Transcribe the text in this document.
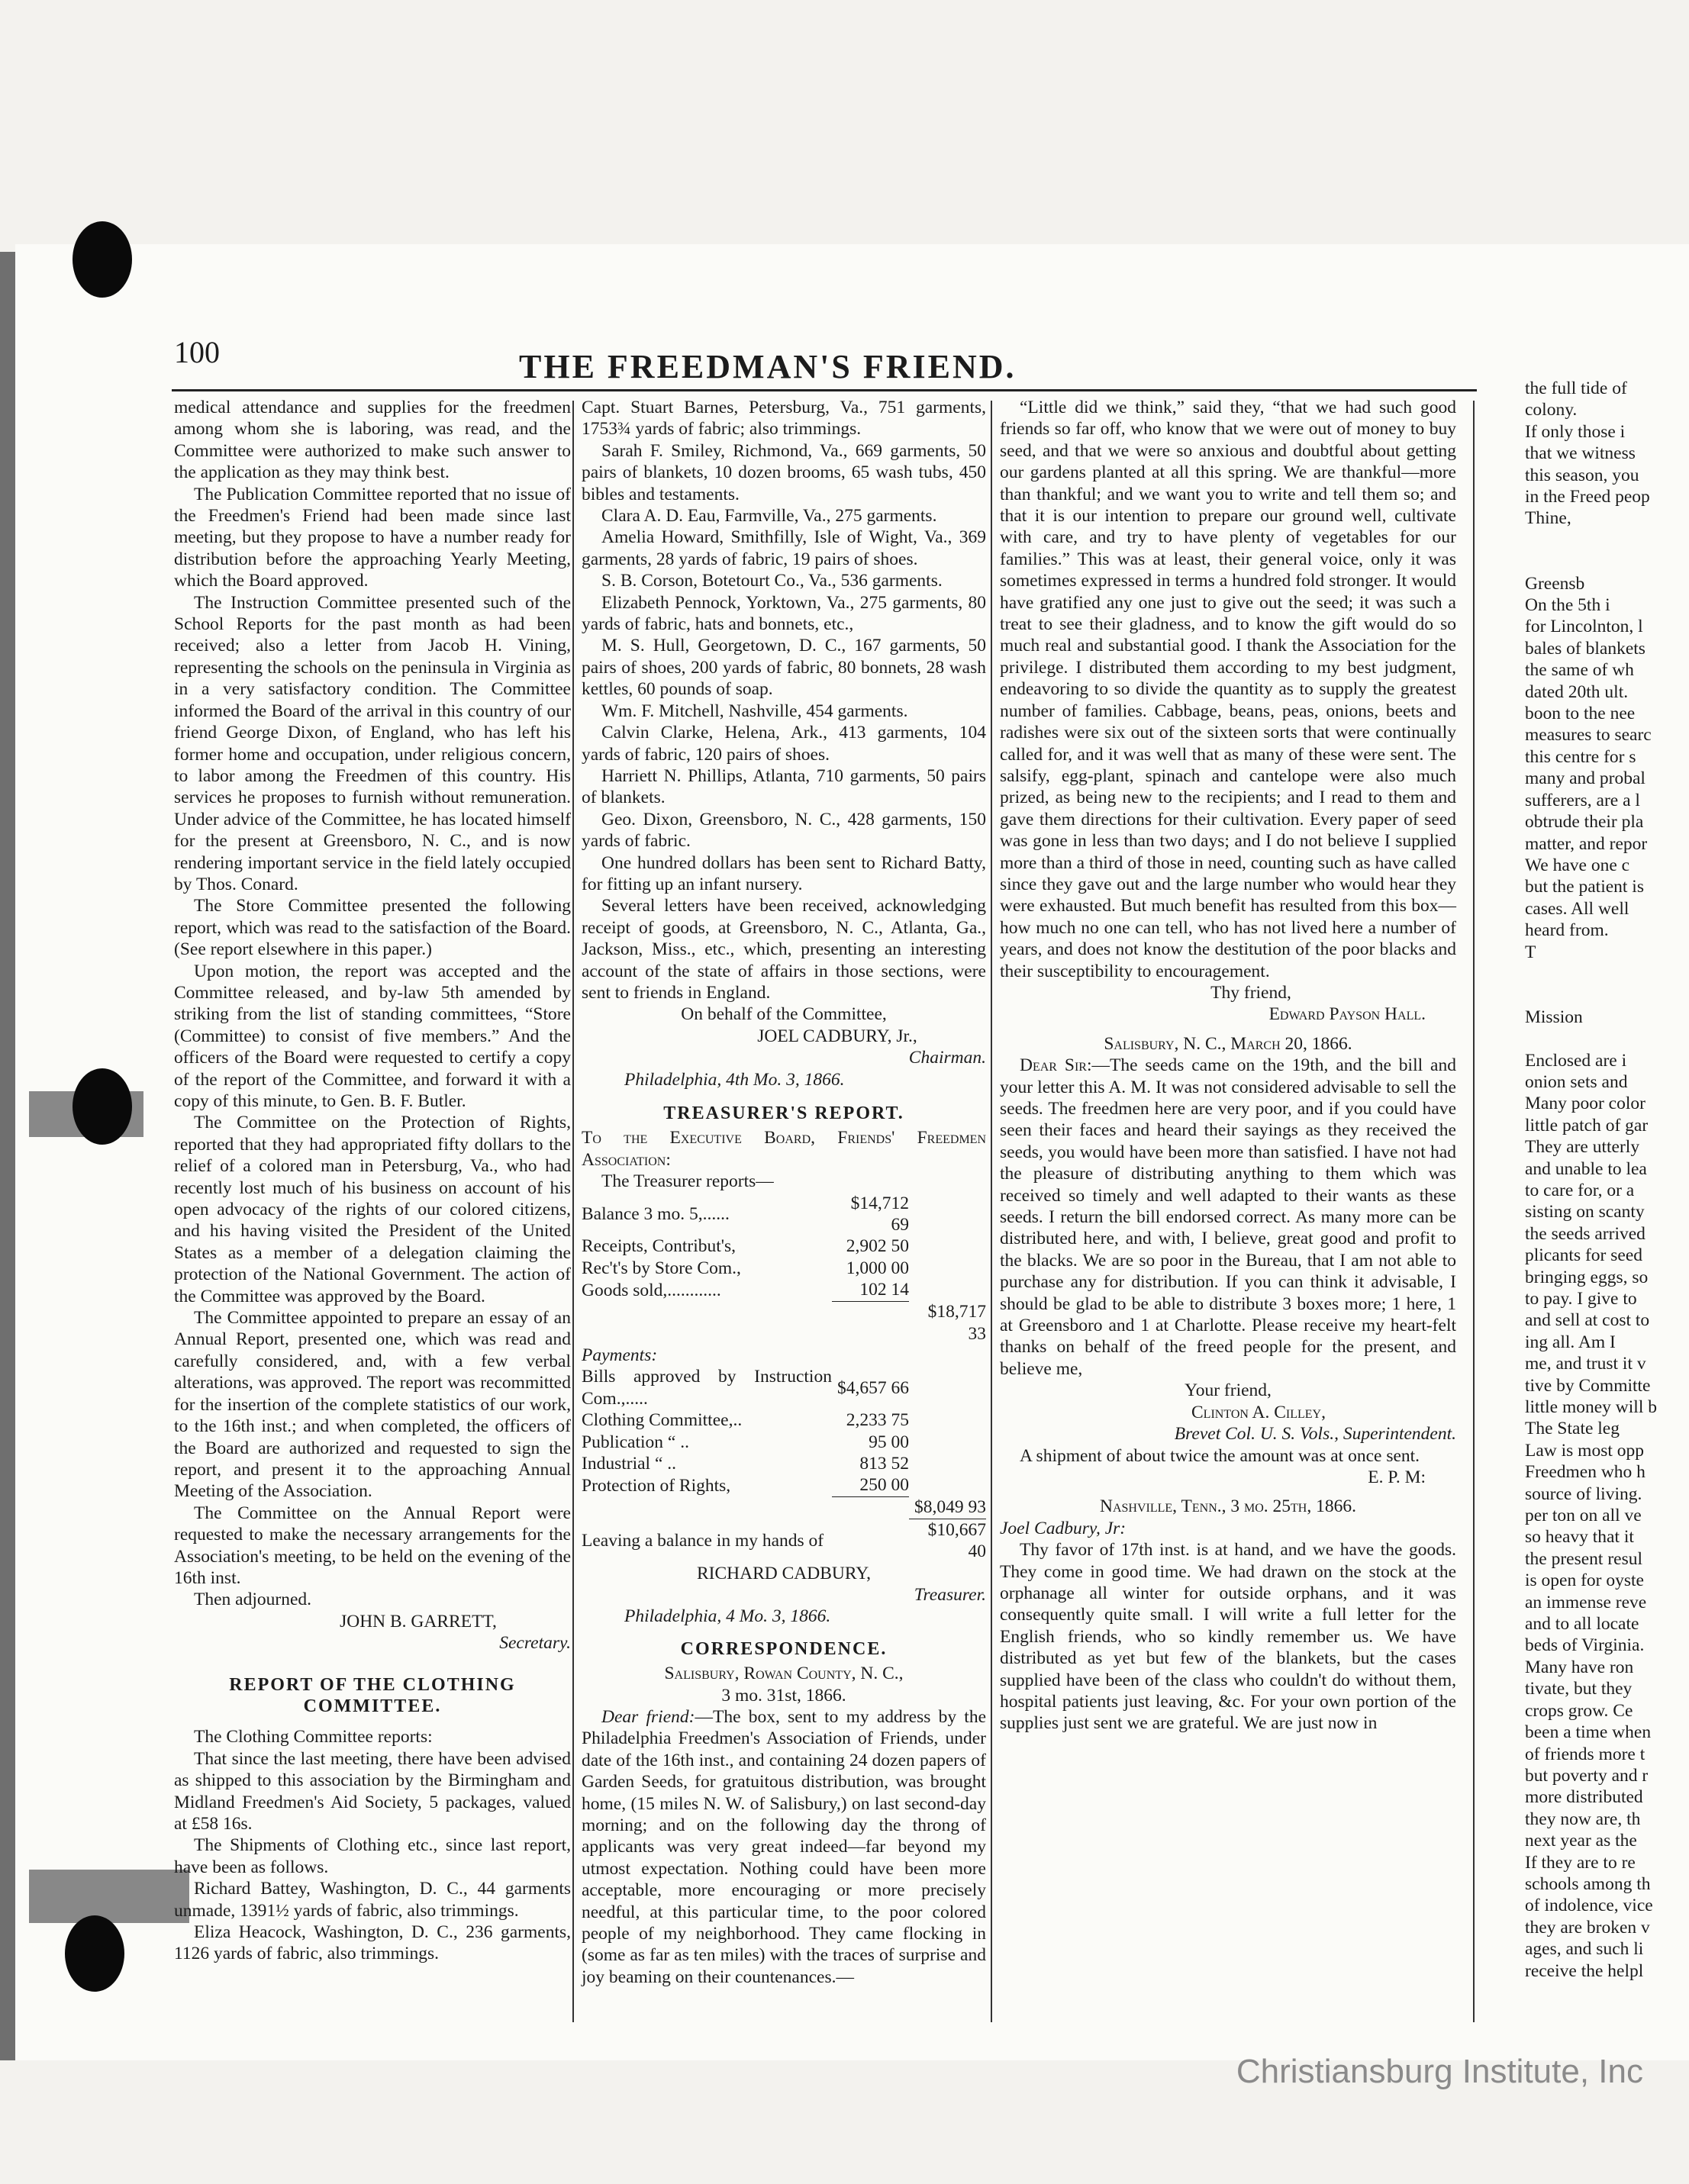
100	THE FREEDMAN'S FRIEND.

medical attendance and supplies for the freedmen among whom she is laboring, was read, and the Committee were authorized to make such answer to the application as they may think best.

The Publication Committee reported that no issue of the Freedmen's Friend had been made since last meeting, but they propose to have a number ready for distribution before the approaching Yearly Meeting, which the Board approved.

The Instruction Committee presented such of the School Reports for the past month as had been received; also a letter from Jacob H. Vining, representing the schools on the peninsula in Virginia as in a very satisfactory condition. The Committee informed the Board of the arrival in this country of our friend George Dixon, of England, who has left his former home and occupation, under religious concern, to labor among the Freedmen of this country. His services he proposes to furnish without remuneration. Under advice of the Committee, he has located himself for the present at Greensboro, N. C., and is now rendering important service in the field lately occupied by Thos. Conard.

The Store Committee presented the following report, which was read to the satisfaction of the Board. (See report elsewhere in this paper.)

Upon motion, the report was accepted and the Committee released, and by-law 5th amended by striking from the list of standing committees, “Store (Committee) to consist of five members.” And the officers of the Board were requested to certify a copy of the report of the Committee, and forward it with a copy of this minute, to Gen. B. F. Butler.

The Committee on the Protection of Rights, reported that they had appropriated fifty dollars to the relief of a colored man in Petersburg, Va., who had recently lost much of his business on account of his open advocacy of the rights of our colored citizens, and his having visited the President of the United States as a member of a delegation claiming the protection of the National Government. The action of the Committee was approved by the Board.

The Committee appointed to prepare an essay of an Annual Report, presented one, which was read and carefully considered, and, with a few verbal alterations, was approved. The report was recommitted for the insertion of the complete statistics of our work, to the 16th inst.; and when completed, the officers of the Board are authorized and requested to sign the report, and present it to the approaching Annual Meeting of the Association.

The Committee on the Annual Report were requested to make the necessary arrangements for the Association's meeting, to be held on the evening of the 16th inst.

Then adjourned.

JOHN B. GARRETT,

Secretary.

REPORT OF THE CLOTHING COMMITTEE.

The Clothing Committee reports:

That since the last meeting, there have been advised as shipped to this association by the Birmingham and Midland Freedmen's Aid Society, 5 packages, valued at £58 16s.

The Shipments of Clothing etc., since last report, have been as follows.

Richard Battey, Washington, D. C., 44 garments unmade, 1391½ yards of fabric, also trimmings.

Eliza Heacock, Washington, D. C., 236 garments, 1126 yards of fabric, also trimmings.

Capt. Stuart Barnes, Petersburg, Va., 751 garments, 1753¾ yards of fabric; also trimmings.

Sarah F. Smiley, Richmond, Va., 669 garments, 50 pairs of blankets, 10 dozen brooms, 65 wash tubs, 450 bibles and testaments.

Clara A. D. Eau, Farmville, Va., 275 garments.

Amelia Howard, Smithfilly, Isle of Wight, Va., 369 garments, 28 yards of fabric, 19 pairs of shoes.

S. B. Corson, Botetourt Co., Va., 536 garments.

Elizabeth Pennock, Yorktown, Va., 275 garments, 80 yards of fabric, hats and bonnets, etc.,

M. S. Hull, Georgetown, D. C., 167 garments, 50 pairs of shoes, 200 yards of fabric, 80 bonnets, 28 wash kettles, 60 pounds of soap.

Wm. F. Mitchell, Nashville, 454 garments.

Calvin Clarke, Helena, Ark., 413 garments, 104 yards of fabric, 120 pairs of shoes.

Harriett N. Phillips, Atlanta, 710 garments, 50 pairs of blankets.

Geo. Dixon, Greensboro, N. C., 428 garments, 150 yards of fabric.

One hundred dollars has been sent to Richard Batty, for fitting up an infant nursery.

Several letters have been received, acknowledging receipt of goods, at Greensboro, N. C., Atlanta, Ga., Jackson, Miss., etc., which, presenting an interesting account of the state of affairs in those sections, were sent to friends in England.

On behalf of the Committee,

JOEL CADBURY, Jr.,

Chairman.

Philadelphia, 4th Mo. 3, 1866.

TREASURER'S REPORT.

To the Executive Board, Friends' Freedmen Association:

The Treasurer reports—

Balance 3 mo. 5,......	$14,712 69	
Receipts, Contribut's,	2,902 50	
Rec't's by Store Com.,	1,000 00	
Goods sold,............	102 14	
		$18,717 33
Payments:		
Bills approved by Instruction Com.,.....	$4,657 66	
Clothing Committee,..	2,233 75	
Publication “ ..	95 00	
Industrial “ ..	813 52	
Protection of Rights,	250 00	
		$8,049 93
Leaving a balance in my hands of		$10,667 40

RICHARD CADBURY,

Treasurer.

Philadelphia, 4 Mo. 3, 1866.

CORRESPONDENCE.

Salisbury, Rowan County, N. C.,

3 mo. 31st, 1866.

Dear friend:—The box, sent to my address by the Philadelphia Freedmen's Association of Friends, under date of the 16th inst., and containing 24 dozen papers of Garden Seeds, for gratuitous distribution, was brought home, (15 miles N. W. of Salisbury,) on last second-day morning; and on the following day the throng of applicants was very great indeed—far beyond my utmost expectation. Nothing could have been more acceptable, more encouraging or more precisely needful, at this particular time, to the poor colored people of my neighborhood. They came flocking in (some as far as ten miles) with the traces of surprise and joy beaming on their countenances.—

“Little did we think,” said they, “that we had such good friends so far off, who know that we were out of money to buy seed, and that we were so anxious and doubtful about getting our gardens planted at all this spring. We are thankful—more than thankful; and we want you to write and tell them so; and that it is our intention to prepare our ground well, cultivate with care, and try to have plenty of vegetables for our families.” This was at least, their general voice, only it was sometimes expressed in terms a hundred fold stronger. It would have gratified any one just to give out the seed; it was such a treat to see their gladness, and to know the gift would do so much real and substantial good. I thank the Association for the privilege. I distributed them according to my best judgment, endeavoring to so divide the quantity as to supply the greatest number of families. Cabbage, beans, peas, onions, beets and radishes were six out of the sixteen sorts that were continually called for, and it was well that as many of these were sent. The salsify, egg-plant, spinach and cantelope were also much prized, as being new to the recipients; and I read to them and gave them directions for their cultivation. Every paper of seed was gone in less than two days; and I do not believe I supplied more than a third of those in need, counting such as have called since they gave out and the large number who would hear they were exhausted. But much benefit has resulted from this box—how much no one can tell, who has not lived here a number of years, and does not know the destitution of the poor blacks and their susceptibility to encouragement.

Thy friend,

Edward Payson Hall.

Salisbury, N. C., March 20, 1866.

Dear Sir:—The seeds came on the 19th, and the bill and your letter this A. M. It was not considered advisable to sell the seeds. The freedmen here are very poor, and if you could have seen their faces and heard their sayings as they received the seeds, you would have been more than satisfied. I have not had the pleasure of distributing anything to them which was received so timely and well adapted to their wants as these seeds. I return the bill endorsed correct. As many more can be distributed here, and with, I believe, great good and profit to the blacks. We are so poor in the Bureau, that I am not able to purchase any for distribution. If you can think it advisable, I should be glad to be able to distribute 3 boxes more; 1 here, 1 at Greensboro and 1 at Charlotte. Please receive my heart-felt thanks on behalf of the freed people for the present, and believe me,

Your friend,

Clinton A. Cilley,

Brevet Col. U. S. Vols., Superintendent.

A shipment of about twice the amount was at once sent.

E. P. M:

Nashville, Tenn., 3 mo. 25th, 1866.

Joel Cadbury, Jr:

Thy favor of 17th inst. is at hand, and we have the goods. They come in good time. We had drawn on the stock at the orphanage all winter for outside orphans, and it was consequently quite small. I will write a full letter for the English friends, who so kindly remember us. We have distributed as yet but few of the blankets, but the cases supplied have been of the class who couldn't do without them, hospital patients just leaving, &c. For your own portion of the supplies just sent we are grateful. We are just now in

the full tide of
colony.
If only those i
that we witness
this season, you
in the Freed peop
Thine,
Greensb
On the 5th i
for Lincolnton, l
bales of blankets
the same of wh
dated 20th ult.
boon to the nee
measures to searc
this centre for s
many and probal
sufferers, are a l
obtrude their pla
matter, and repor
We have one c
but the patient is
cases. All well
heard from.
T
Mission
Enclosed are i
onion sets and
Many poor color
little patch of gar
They are utterly
and unable to lea
to care for, or a
sisting on scanty
the seeds arrived
plicants for seed
bringing eggs, so
to pay. I give to
and sell at cost to
ing all. Am I
me, and trust it v
tive by Committe
little money will b
The State leg
Law is most opp
Freedmen who h
source of living.
per ton on all ve
so heavy that it
the present resul
is open for oyste
an immense reve
and to all locate
beds of Virginia.
Many have ron
tivate, but they
crops grow. Ce
been a time when
of friends more t
but poverty and r
more distributed
they now are, th
next year as the
If they are to re
schools among th
of indolence, vice
they are broken v
ages, and such li
receive the helpl
Christiansburg Institute, Inc
